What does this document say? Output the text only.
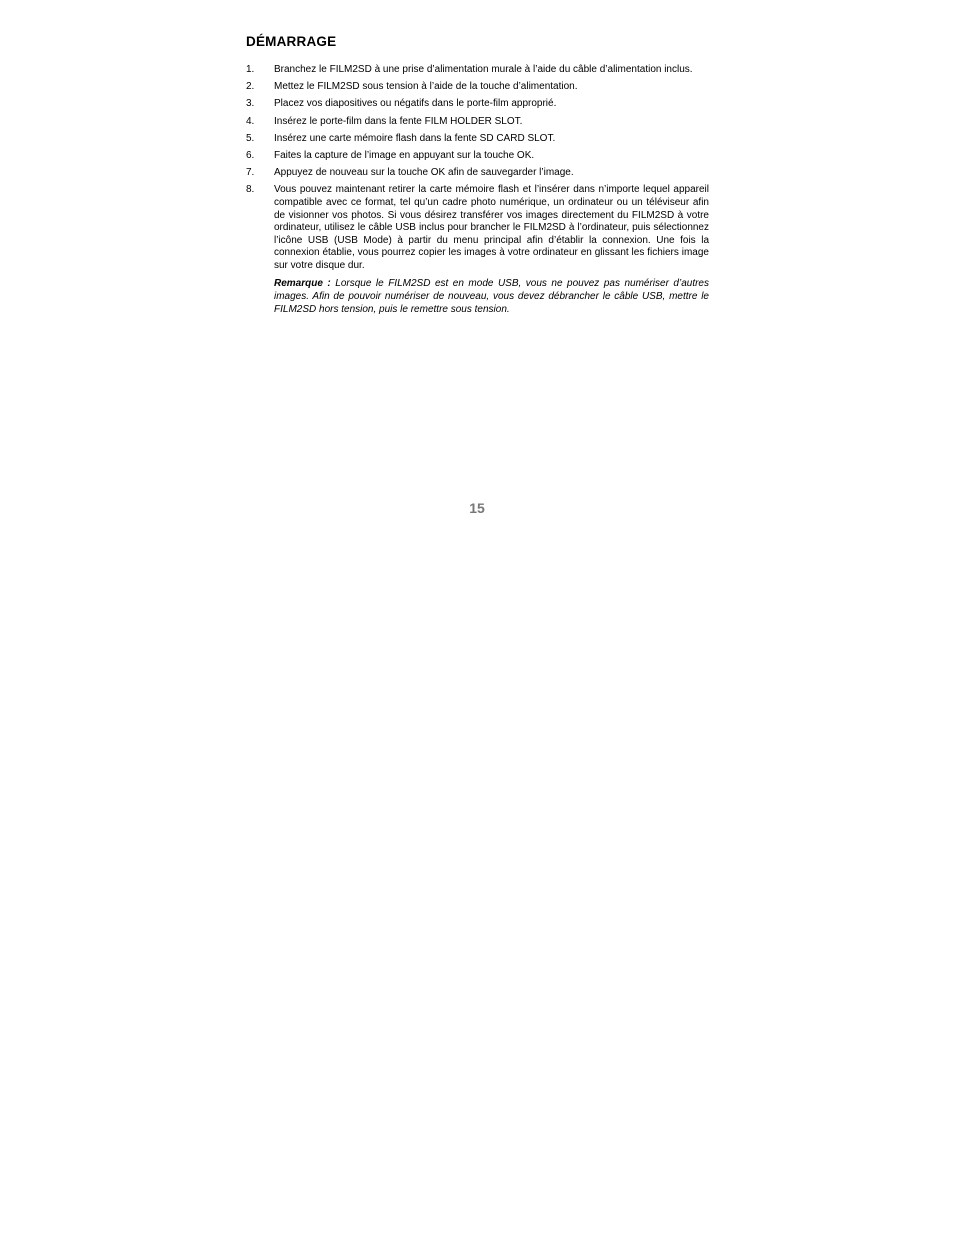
DÉMARRAGE
1. Branchez le FILM2SD à une prise d’alimentation murale à l’aide du câble d’alimentation inclus.
2. Mettez le FILM2SD sous tension à l’aide de la touche d’alimentation.
3. Placez vos diapositives ou négatifs dans le porte-film approprié.
4. Insérez le porte-film dans la fente FILM HOLDER SLOT.
5. Insérez une carte mémoire flash dans la fente SD CARD SLOT.
6. Faites la capture de l’image en appuyant sur la touche OK.
7. Appuyez de nouveau sur la touche OK afin de sauvegarder l’image.
8. Vous pouvez maintenant retirer la carte mémoire flash et l’insérer dans n’importe lequel appareil compatible avec ce format, tel qu’un cadre photo numérique, un ordinateur ou un téléviseur afin de visionner vos photos. Si vous désirez transférer vos images directement du FILM2SD à votre ordinateur, utilisez le câble USB inclus pour brancher le FILM2SD à l’ordinateur, puis sélectionnez l’icône USB (USB Mode) à partir du menu principal afin d’établir la connexion. Une fois la connexion établie, vous pourrez copier les images à votre ordinateur en glissant les fichiers image sur votre disque dur.

Remarque : Lorsque le FILM2SD est en mode USB, vous ne pouvez pas numériser d’autres images. Afin de pouvoir numériser de nouveau, vous devez débrancher le câble USB, mettre le FILM2SD hors tension, puis le remettre sous tension.

15
